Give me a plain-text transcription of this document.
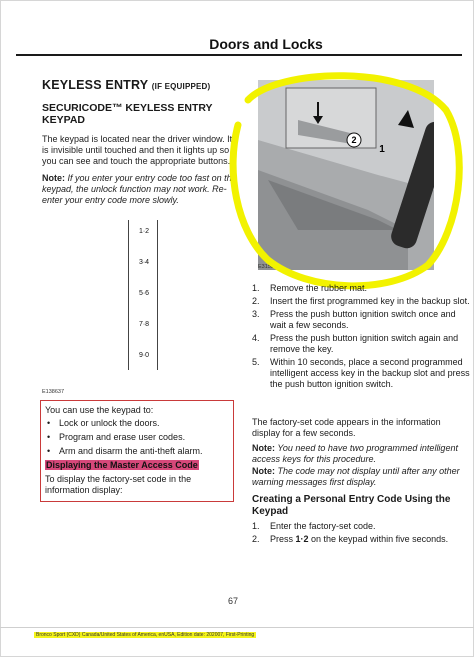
Doors and Locks
KEYLESS ENTRY (IF EQUIPPED)
SECURICODE™ KEYLESS ENTRY
KEYPAD
The keypad is located near the driver window. It is invisible until touched and then it lights up so you can see and touch the appropriate buttons.
Note: If you enter your entry code too fast on the keypad, the unlock function may not work. Re-enter your entry code more slowly.
1·2
3·4
5·6
7·8
9·0
E138637
You can use the keypad to:
• Lock or unlock the doors.
• Program and erase user codes.
• Arm and disarm the anti-theft alarm.
Displaying the Master Access Code
To display the factory-set code in the information display:
2
1
E315884
1. Remove the rubber mat.
2. Insert the first programmed key in the backup slot.
3. Press the push button ignition switch once and wait a few seconds.
4. Press the push button ignition switch again and remove the key.
5. Within 10 seconds, place a second programmed intelligent access key in the backup slot and press the push button ignition switch.
The factory-set code appears in the information display for a few seconds.
Note: You need to have two programmed intelligent access keys for this procedure.
Note: The code may not display until after any other warning messages first display.
Creating a Personal Entry Code Using the Keypad
1. Enter the factory-set code.
2. Press 1·2 on the keypad within five seconds.
67
Bronco Sport (CXD) Canada/United States of America, enUSA, Edition date: 202007, First-Printing
